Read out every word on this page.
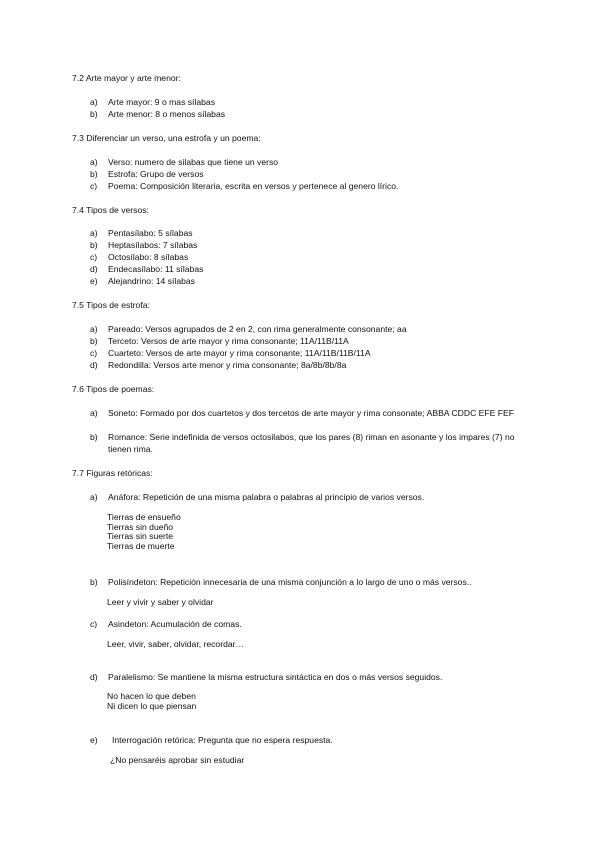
7.2 Arte mayor y arte menor:
a) Arte mayor: 9 o mas sílabas
b) Arte menor: 8 o menos sílabas
7.3 Diferenciar un verso, una estrofa y un poema:
a) Verso: numero de silabas que tiene un verso
b) Estrofa: Grupo de versos
c) Poema: Composición literaria, escrita en versos y pertenece al genero lírico.
7.4 Tipos de versos:
a) Pentasílabo: 5 sílabas
b) Heptasílabos: 7 sílabas
c) Octosílabo: 8 sílabas
d) Endecasílabo: 11 sílabas
e) Alejandrino: 14 sílabas
7.5 Tipos de estrofa:
a) Pareado: Versos agrupados de 2 en 2, con rima generalmente consonante; aa
b) Terceto: Versos de arte mayor y rima consonante; 11A/11B/11A
c) Cuarteto: Versos de arte mayor y rima consonante; 11A/11B/11B/11A
d) Redondilla: Versos arte menor y rima consonante; 8a/8b/8b/8a
7.6 Tipos de poemas:
a) Soneto: Formado por dos cuartetos y dos tercetos de arte mayor y rima consonate; ABBA CDDC EFE FEF
b) Romance: Serie indefinida de versos octosilabos, que los pares (8) riman en asonante y los impares (7) no tienen rima.
7.7 Figuras retóricas:
a) Anáfora: Repetición de una misma palabra o palabras al principio de varios versos.
Tierras de ensueño
Tierras sin dueño
Tierras sin suerte
Tierras de muerte
b) Polisíndeton: Repetición innecesaria de una misma conjunción a lo largo de uno o más versos..
Leer y vivir y saber y olvidar
c) Asindeton: Acumulación de comas.
Leer, vivir, saber, olvidar, recordar…
d) Paralelismo: Se mantiene la misma estructura sintáctica en dos o más versos seguidos.
No hacen lo que deben
Ni dicen lo que piensan
e) Interrogación retórica: Pregunta que no espera respuesta.
¿No pensaréis aprobar sin estudiar
